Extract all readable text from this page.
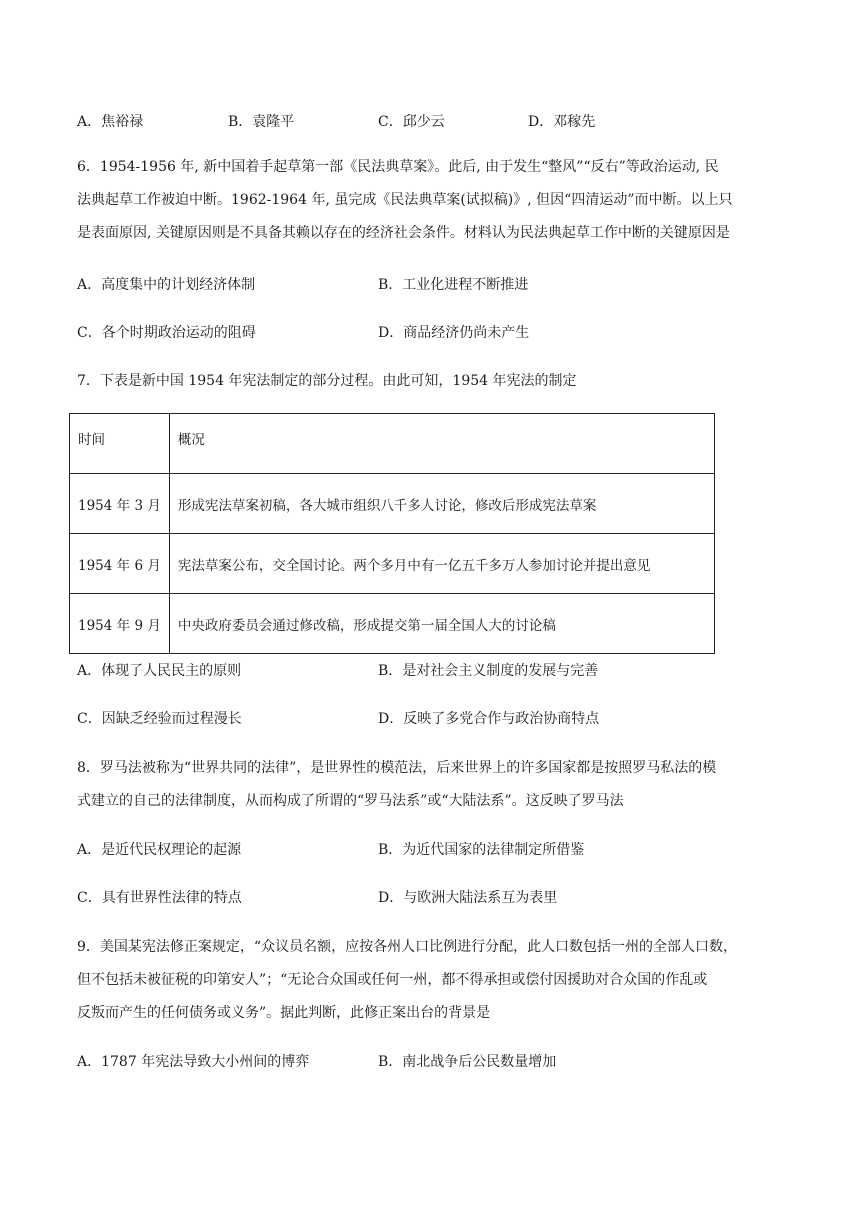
A．焦裕禄	B．袁隆平	C．邱少云	D．邓稼先
6．1954-1956 年, 新中国着手起草第一部《民法典草案》。此后, 由于发生“整风”“反右”等政治运动, 民
法典起草工作被迫中断。1962-1964 年, 虽完成《民法典草案(试拟稿)》, 但因“四清运动”而中断。以上只
是表面原因, 关键原因则是不具备其赖以存在的经济社会条件。材料认为民法典起草工作中断的关键原因是
A．高度集中的计划经济体制	B．工业化进程不断推进
C．各个时期政治运动的阻碍	D．商品经济仍尚未产生
7．下表是新中国 1954 年宪法制定的部分过程。由此可知，1954 年宪法的制定
时间	概况
1954 年 3 月	形成宪法草案初稿，各大城市组织八千多人讨论，修改后形成宪法草案
1954 年 6 月	宪法草案公布，交全国讨论。两个多月中有一亿五千多万人参加讨论并提出意见
1954 年 9 月	中央政府委员会通过修改稿，形成提交第一届全国人大的讨论稿
A．体现了人民民主的原则	B．是对社会主义制度的发展与完善
C．因缺乏经验而过程漫长	D．反映了多党合作与政治协商特点
8．罗马法被称为“世界共同的法律”，是世界性的模范法，后来世界上的许多国家都是按照罗马私法的模
式建立的自己的法律制度，从而构成了所谓的“罗马法系”或“大陆法系”。这反映了罗马法
A．是近代民权理论的起源	B．为近代国家的法律制定所借鉴
C．具有世界性法律的特点	D．与欧洲大陆法系互为表里
9．美国某宪法修正案规定，“众议员名额，应按各州人口比例进行分配，此人口数包括一州的全部人口数，
但不包括未被征税的印第安人”；“无论合众国或任何一州，都不得承担或偿付因援助对合众国的作乱或
反叛而产生的任何债务或义务”。据此判断，此修正案出台的背景是
A．1787 年宪法导致大小州间的博弈	B．南北战争后公民数量增加
